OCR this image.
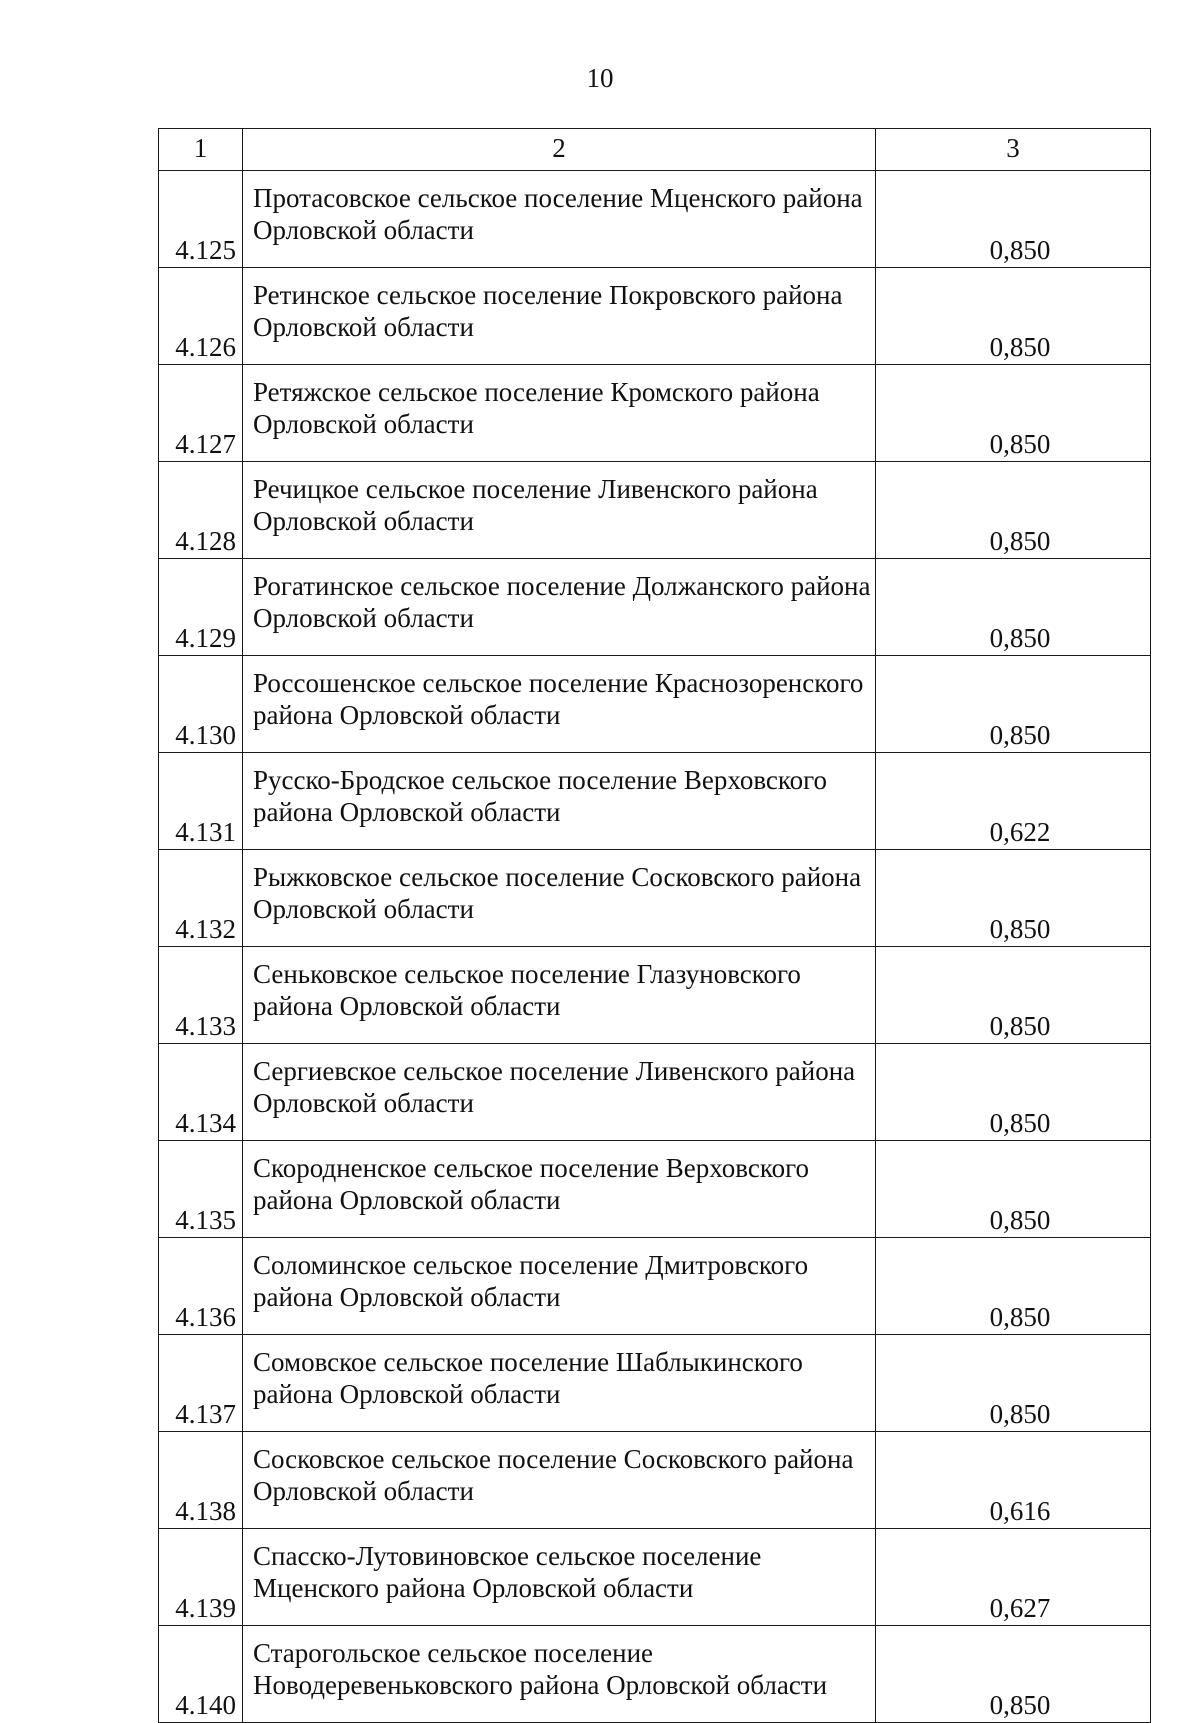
10
1	2	3
4.125	Протасовское сельское поселение Мценского района Орловской области	0,850
4.126	Ретинское сельское поселение Покровского района Орловской области	0,850
4.127	Ретяжское сельское поселение Кромского района Орловской области	0,850
4.128	Речицкое сельское поселение Ливенского района Орловской области	0,850
4.129	Рогатинское сельское поселение Должанского района Орловской области	0,850
4.130	Россошенское сельское поселение Краснозоренского района Орловской области	0,850
4.131	Русско-Бродское сельское поселение Верховского района Орловской области	0,622
4.132	Рыжковское сельское поселение Сосковского района Орловской области	0,850
4.133	Сеньковское сельское поселение Глазуновского района Орловской области	0,850
4.134	Сергиевское сельское поселение Ливенского района Орловской области	0,850
4.135	Скородненское сельское поселение Верховского района Орловской области	0,850
4.136	Соломинское сельское поселение Дмитровского района Орловской области	0,850
4.137	Сомовское сельское поселение Шаблыкинского района Орловской области	0,850
4.138	Сосковское сельское поселение Сосковского района Орловской области	0,616
4.139	Спасско-Лутовиновское сельское поселение Мценского района Орловской области	0,627
4.140	Старогольское сельское поселение Новодеревеньковского района Орловской области	0,850
